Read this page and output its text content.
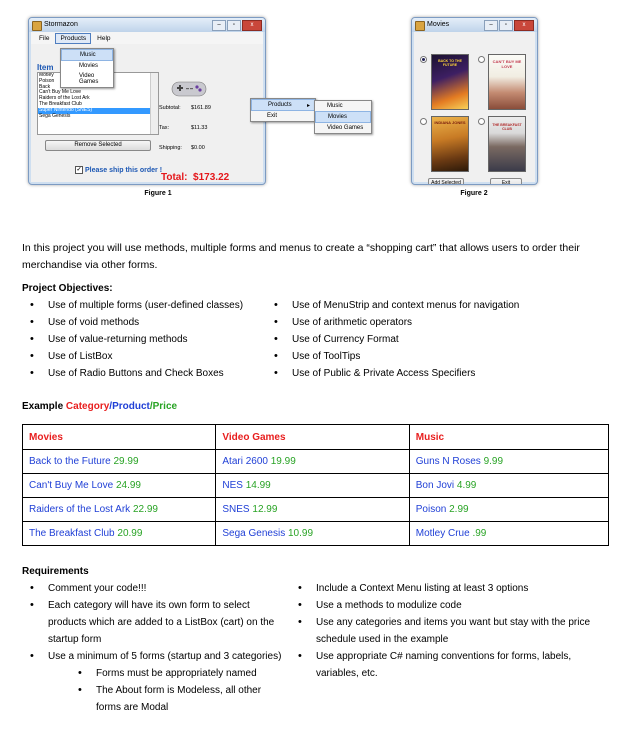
Stormazon	–	▫	x
File	Products	Help
Item
Motley
Poison
Back
Can't Buy Me Love
Raiders of the Lost Ark
The Breakfast Club
Super Nintendo (SNES)
Sega Genesis
Remove Selected
Subtotal: $161.89
Tax:	$11.33
Shipping: $0.00
✓ Please ship this order !
Total: $173.22
Music
Movies
Video Games
Products	▸
Exit
Music
Movies
Video Games
Figure 1
Movies	–	▫	x
BACK TO THE FUTURE
CAN'T BUY ME LOVE
INDIANA JONES	THE BREAKFAST CLUB
Add Selected	Exit
Figure 2
In this project you will use methods, multiple forms and menus to create a “shopping cart” that allows users to order their merchandise via other forms.
Project Objectives:
• Use of multiple forms (user-defined classes)
• Use of void methods
• Use of value-returning methods
• Use of ListBox
• Use of Radio Buttons and Check Boxes
• Use of MenuStrip and context menus for navigation
• Use of arithmetic operators
• Use of Currency Format
• Use of ToolTips
• Use of Public & Private Access Specifiers
Example Category/Product/Price
Movies	Video Games	Music
Back to the Future 29.99	Atari 2600 19.99	Guns N Roses 9.99
Can't Buy Me Love 24.99	NES 14.99	Bon Jovi 4.99
Raiders of the Lost Ark 22.99	SNES 12.99	Poison 2.99
The Breakfast Club 20.99	Sega Genesis 10.99	Motley Crue .99
Requirements
• Comment your code!!!
• Each category will have its own form to select products which are added to a ListBox (cart) on the startup form
• Use a minimum of 5 forms (startup and 3 categories)
• Forms must be appropriately named
• The About form is Modeless, all other forms are Modal
• Include a Context Menu listing at least 3 options
• Use a methods to modulize code
• Use any categories and items you want but stay with the price schedule used in the example
• Use appropriate C# naming conventions for forms, labels, variables, etc.
